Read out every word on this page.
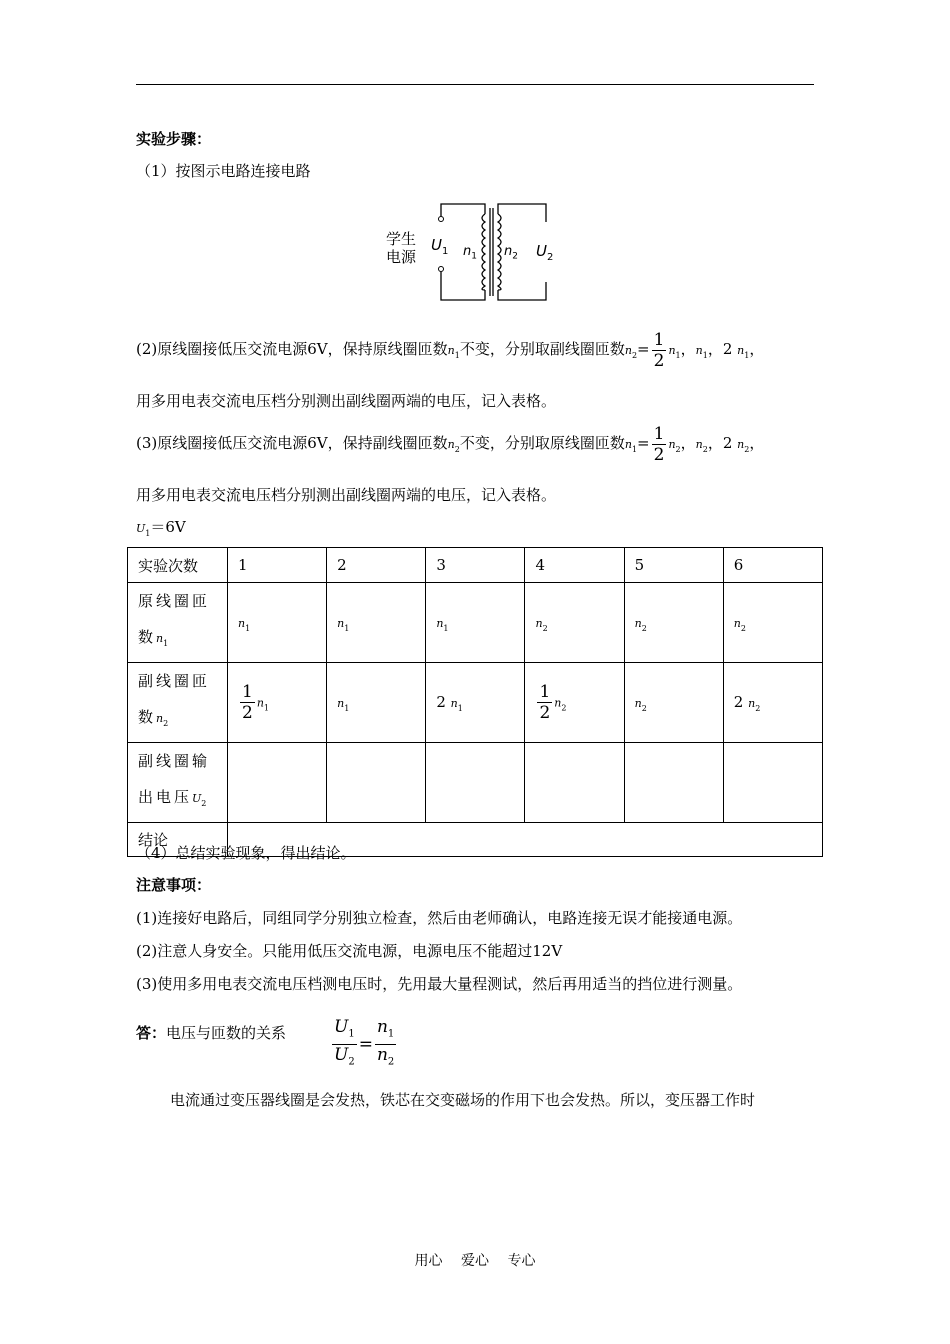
实验步骤：
（1）按图示电路连接电路
学生
电源
$U_1$ $n_1$ $n_2$ $U_2$
(2)原线圈接低压交流电源6V，保持原线圈匝数$n_1$不变，分别取副线圈匝数$n_2= \frac{1}{2} n_1$，$n_1$，2 $n_1$，
用多用电表交流电压档分别测出副线圈两端的电压，记入表格。
(3)原线圈接低压交流电源6V，保持副线圈匝数$n_2$不变，分别取原线圈匝数$n_1= \frac{1}{2} n_2$，$n_2$，2 $n_2$，
用多用电表交流电压档分别测出副线圈两端的电压，记入表格。
$U_1=6V$
实验次数	1	2	3	4	5	6
原线圈匝
数$n_1$	$n_1$	$n_1$	$n_1$	$n_2$	$n_2$	$n_2$
副线圈匝
数$n_2$	$\frac{1}{2} n_1$	$n_1$	2 $n_1$	$\frac{1}{2} n_2$	$n_2$	2 $n_2$
副线圈输
出电压$U_2$						
结论						
（4）总结实验现象，得出结论。
注意事项：
(1)连接好电路后，同组同学分别独立检查，然后由老师确认，电路连接无误才能接通电源。
(2)注意人身安全。只能用低压交流电源，电源电压不能超过12V
(3)使用多用电表交流电压档测电压时，先用最大量程测试，然后再用适当的挡位进行测量。
答：电压与匝数的关系	$\frac{U_1}{U_2} = \frac{n_1}{n_2}$
电流通过变压器线圈是会发热，铁芯在交变磁场的作用下也会发热。所以，变压器工作时
用心 爱心 专心
